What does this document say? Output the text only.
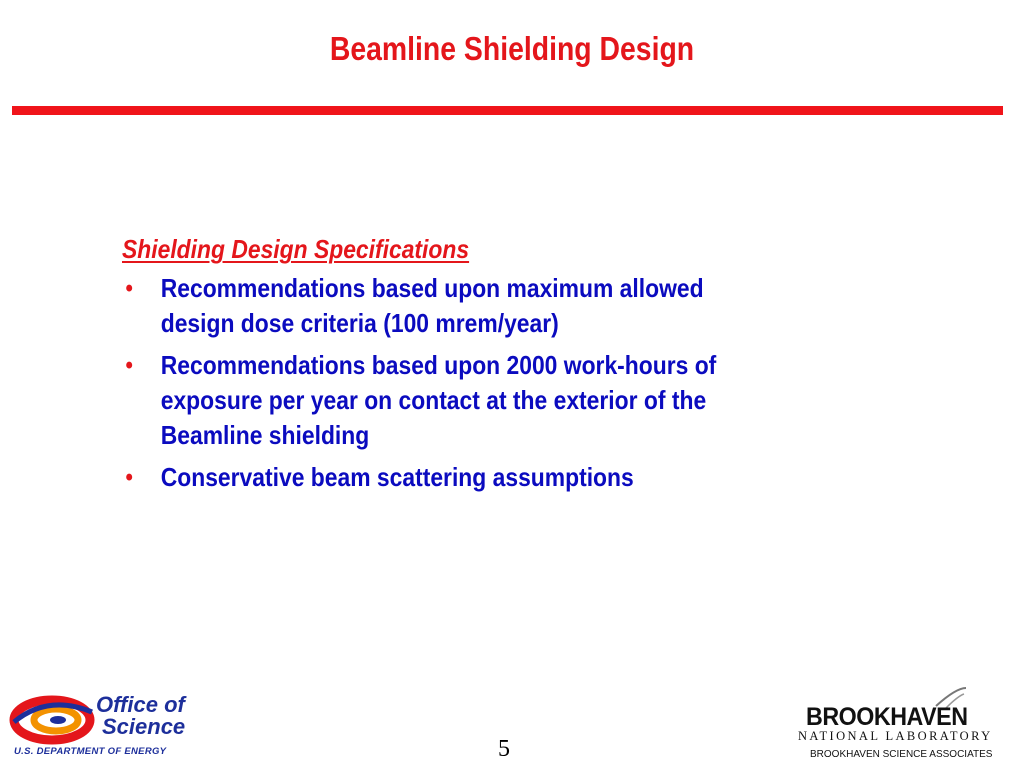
Beamline Shielding Design
Shielding Design Specifications
• Recommendations based upon maximum allowed
design dose criteria (100 mrem/year)
• Recommendations based upon 2000 work-hours of
exposure per year on contact at the exterior of the
Beamline shielding
• Conservative beam scattering assumptions
Office of
Science
U.S. DEPARTMENT OF ENERGY	5
BROOKHAVEN
NATIONAL LABORATORY
BROOKHAVEN SCIENCE ASSOCIATES
